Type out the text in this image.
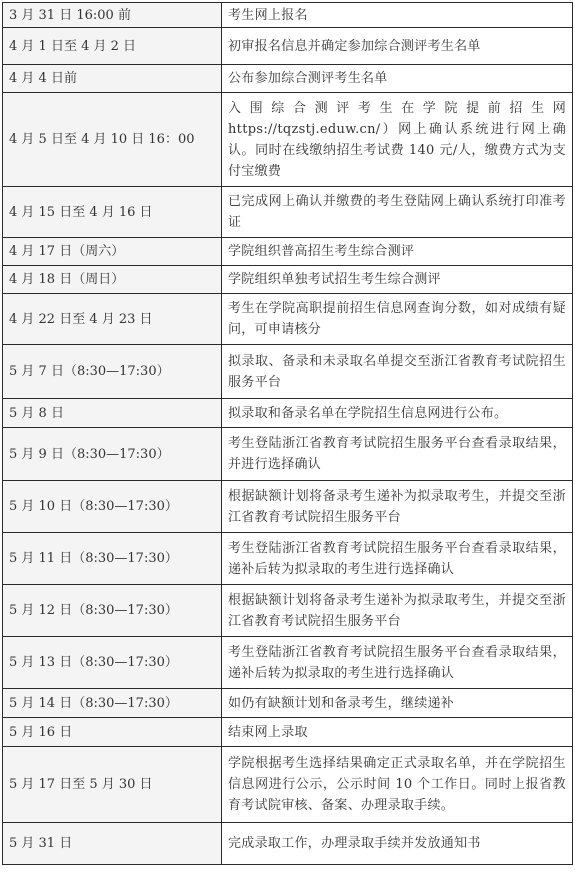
3 月 31 日 16:00 前	考生网上报名
4 月 1 日至 4 月 2 日	初审报名信息并确定参加综合测评考生名单
4 月 4 日前	公布参加综合测评考生名单
4 月 5 日至 4 月 10 日 16：00	入围综合测评考生在学院提前招生网 https://tqzstj.eduw.cn/）网上确认系统进行网上确认。同时在线缴纳招生考试费 140 元/人，缴费方式为支付宝缴费
4 月 15 日至 4 月 16 日	已完成网上确认并缴费的考生登陆网上确认系统打印准考证
4 月 17 日（周六）	学院组织普高招生考生综合测评
4 月 18 日（周日）	学院组织单独考试招生考生综合测评
4 月 22 日至 4 月 23 日	考生在学院高职提前招生信息网查询分数，如对成绩有疑问，可申请核分
5 月 7 日（8:30—17:30）	拟录取、备录和未录取名单提交至浙江省教育考试院招生服务平台
5 月 8 日	拟录取和备录名单在学院招生信息网进行公布。
5 月 9 日（8:30—17:30）	考生登陆浙江省教育考试院招生服务平台查看录取结果，并进行选择确认
5 月 10 日（8:30—17:30）	根据缺额计划将备录考生递补为拟录取考生，并提交至浙江省教育考试院招生服务平台
5 月 11 日（8:30—17:30）	考生登陆浙江省教育考试院招生服务平台查看录取结果，递补后转为拟录取的考生进行选择确认
5 月 12 日（8:30—17:30）	根据缺额计划将备录考生递补为拟录取考生，并提交至浙江省教育考试院招生服务平台
5 月 13 日（8:30—17:30）	考生登陆浙江省教育考试院招生服务平台查看录取结果，递补后转为拟录取的考生进行选择确认
5 月 14 日（8:30—17:30）	如仍有缺额计划和备录考生，继续递补
5 月 16 日	结束网上录取
5 月 17 日至 5 月 30 日	学院根据考生选择结果确定正式录取名单，并在学院招生信息网进行公示，公示时间 10 个工作日。同时上报省教育考试院审核、备案、办理录取手续。
5 月 31 日	完成录取工作，办理录取手续并发放通知书
